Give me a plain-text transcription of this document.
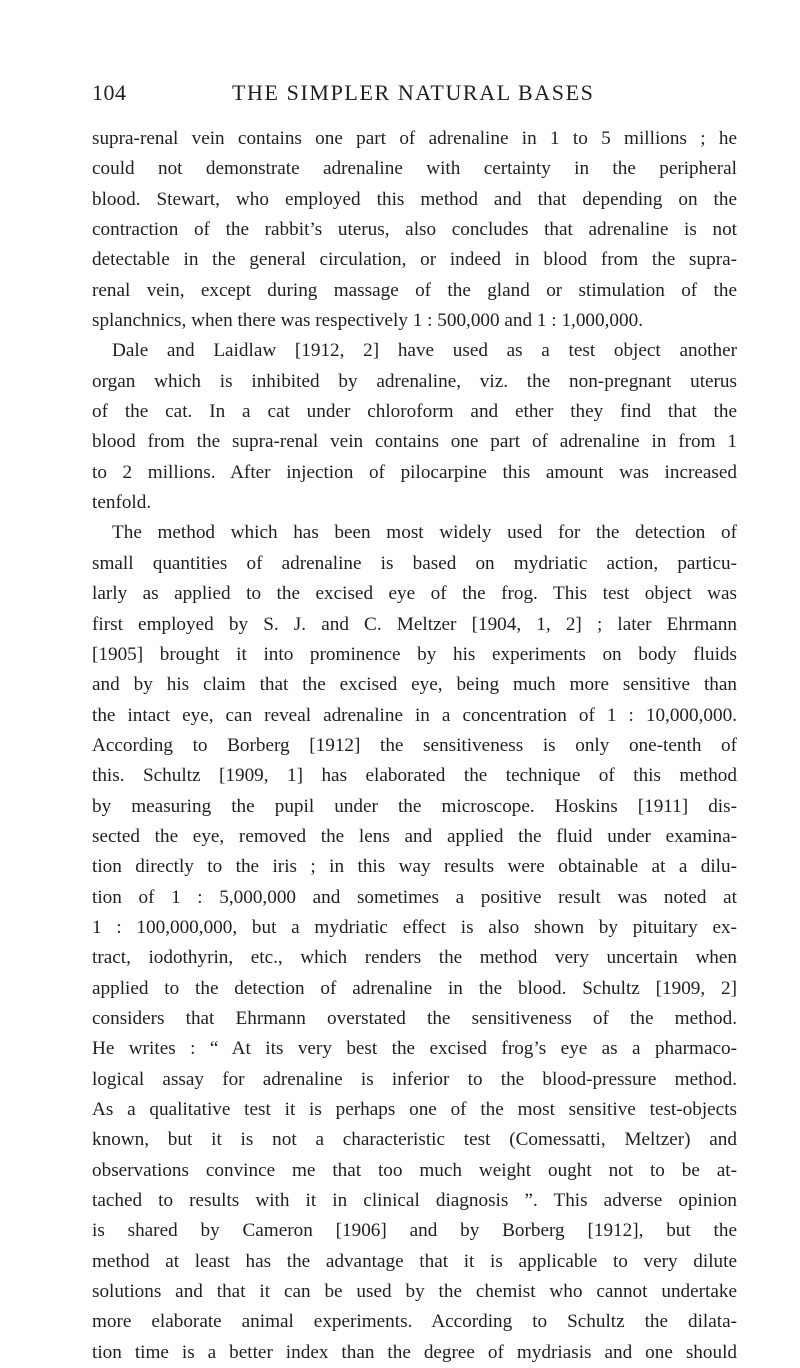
104	THE SIMPLER NATURAL BASES
supra-renal vein contains one part of adrenaline in 1 to 5 millions ; he
could not demonstrate adrenaline with certainty in the peripheral
blood. Stewart, who employed this method and that depending on the
contraction of the rabbit’s uterus, also concludes that adrenaline is not
detectable in the general circulation, or indeed in blood from the supra-
renal vein, except during massage of the gland or stimulation of the
splanchnics, when there was respectively 1 : 500,000 and 1 : 1,000,000.
Dale and Laidlaw [1912, 2] have used as a test object another
organ which is inhibited by adrenaline, viz. the non-pregnant uterus
of the cat. In a cat under chloroform and ether they find that the
blood from the supra-renal vein contains one part of adrenaline in from 1
to 2 millions. After injection of pilocarpine this amount was increased
tenfold.
The method which has been most widely used for the detection of
small quantities of adrenaline is based on mydriatic action, particu-
larly as applied to the excised eye of the frog. This test object was
first employed by S. J. and C. Meltzer [1904, 1, 2] ; later Ehrmann
[1905] brought it into prominence by his experiments on body fluids
and by his claim that the excised eye, being much more sensitive than
the intact eye, can reveal adrenaline in a concentration of 1 : 10,000,000.
According to Borberg [1912] the sensitiveness is only one-tenth of
this. Schultz [1909, 1] has elaborated the technique of this method
by measuring the pupil under the microscope. Hoskins [1911] dis-
sected the eye, removed the lens and applied the fluid under examina-
tion directly to the iris ; in this way results were obtainable at a dilu-
tion of 1 : 5,000,000 and sometimes a positive result was noted at
1 : 100,000,000, but a mydriatic effect is also shown by pituitary ex-
tract, iodothyrin, etc., which renders the method very uncertain when
applied to the detection of adrenaline in the blood. Schultz [1909, 2]
considers that Ehrmann overstated the sensitiveness of the method.
He writes : “ At its very best the excised frog’s eye as a pharmaco-
logical assay for adrenaline is inferior to the blood-pressure method.
As a qualitative test it is perhaps one of the most sensitive test-objects
known, but it is not a characteristic test (Comessatti, Meltzer) and
observations convince me that too much weight ought not to be at-
tached to results with it in clinical diagnosis ”. This adverse opinion
is shared by Cameron [1906] and by Borberg [1912], but the
method at least has the advantage that it is applicable to very dilute
solutions and that it can be used by the chemist who cannot undertake
more elaborate animal experiments. According to Schultz the dilata-
tion time is a better index than the degree of mydriasis and one should
